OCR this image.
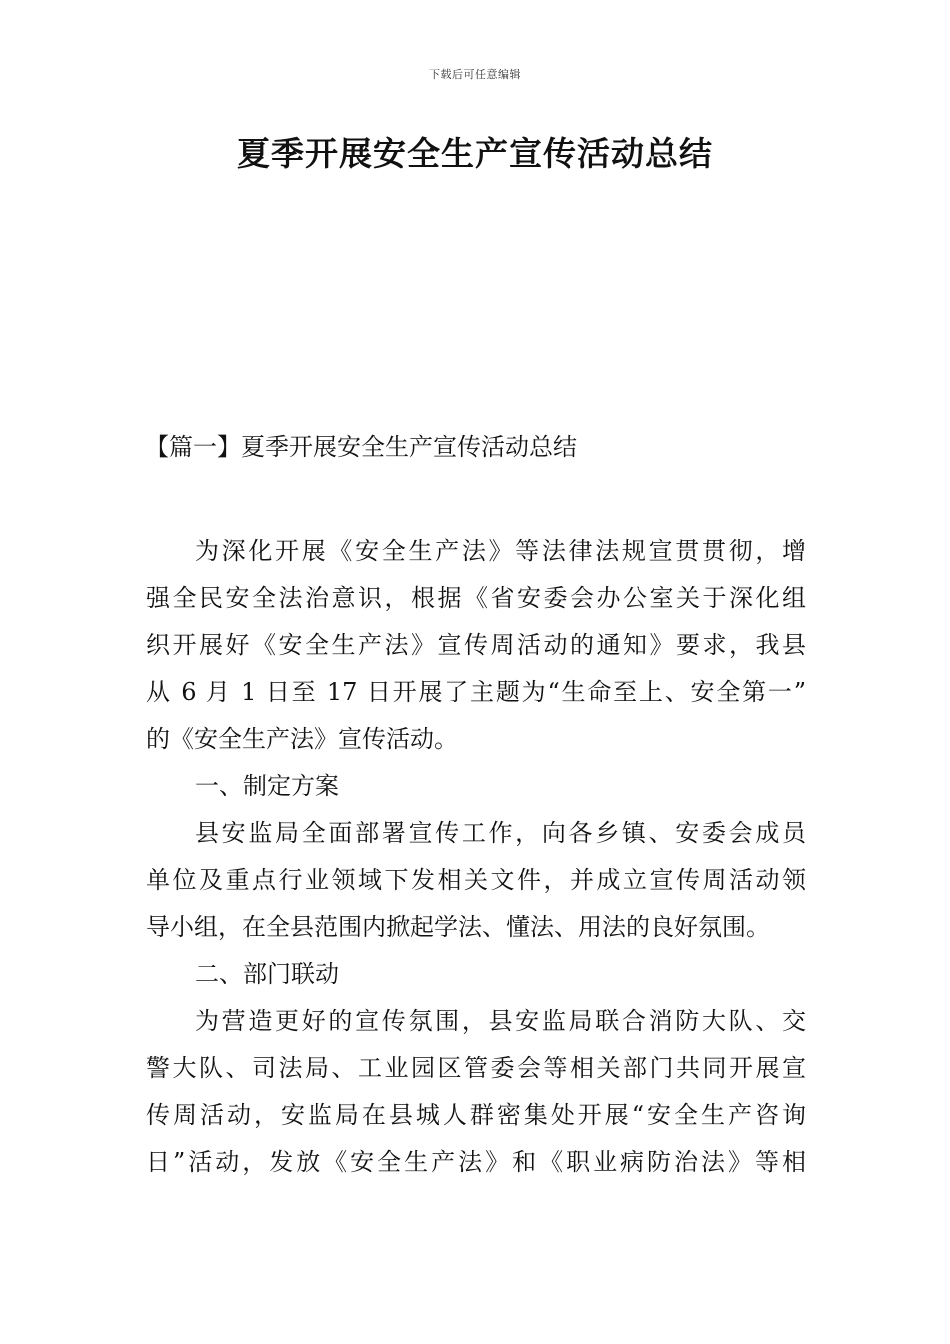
下载后可任意编辑
夏季开展安全生产宣传活动总结
【篇一】夏季开展安全生产宣传活动总结
为深化开展《安全生产法》等法律法规宣贯贯彻，增
强全民安全法治意识，根据《省安委会办公室关于深化组
织开展好《安全生产法》宣传周活动的通知》要求，我县
从 6 月 1 日至 17 日开展了主题为“生命至上、安全第一”
的《安全生产法》宣传活动。
一、制定方案
县安监局全面部署宣传工作，向各乡镇、安委会成员
单位及重点行业领域下发相关文件，并成立宣传周活动领
导小组，在全县范围内掀起学法、懂法、用法的良好氛围。
二、部门联动
为营造更好的宣传氛围，县安监局联合消防大队、交
警大队、司法局、工业园区管委会等相关部门共同开展宣
传周活动，安监局在县城人群密集处开展“安全生产咨询
日”活动，发放《安全生产法》和《职业病防治法》等相
